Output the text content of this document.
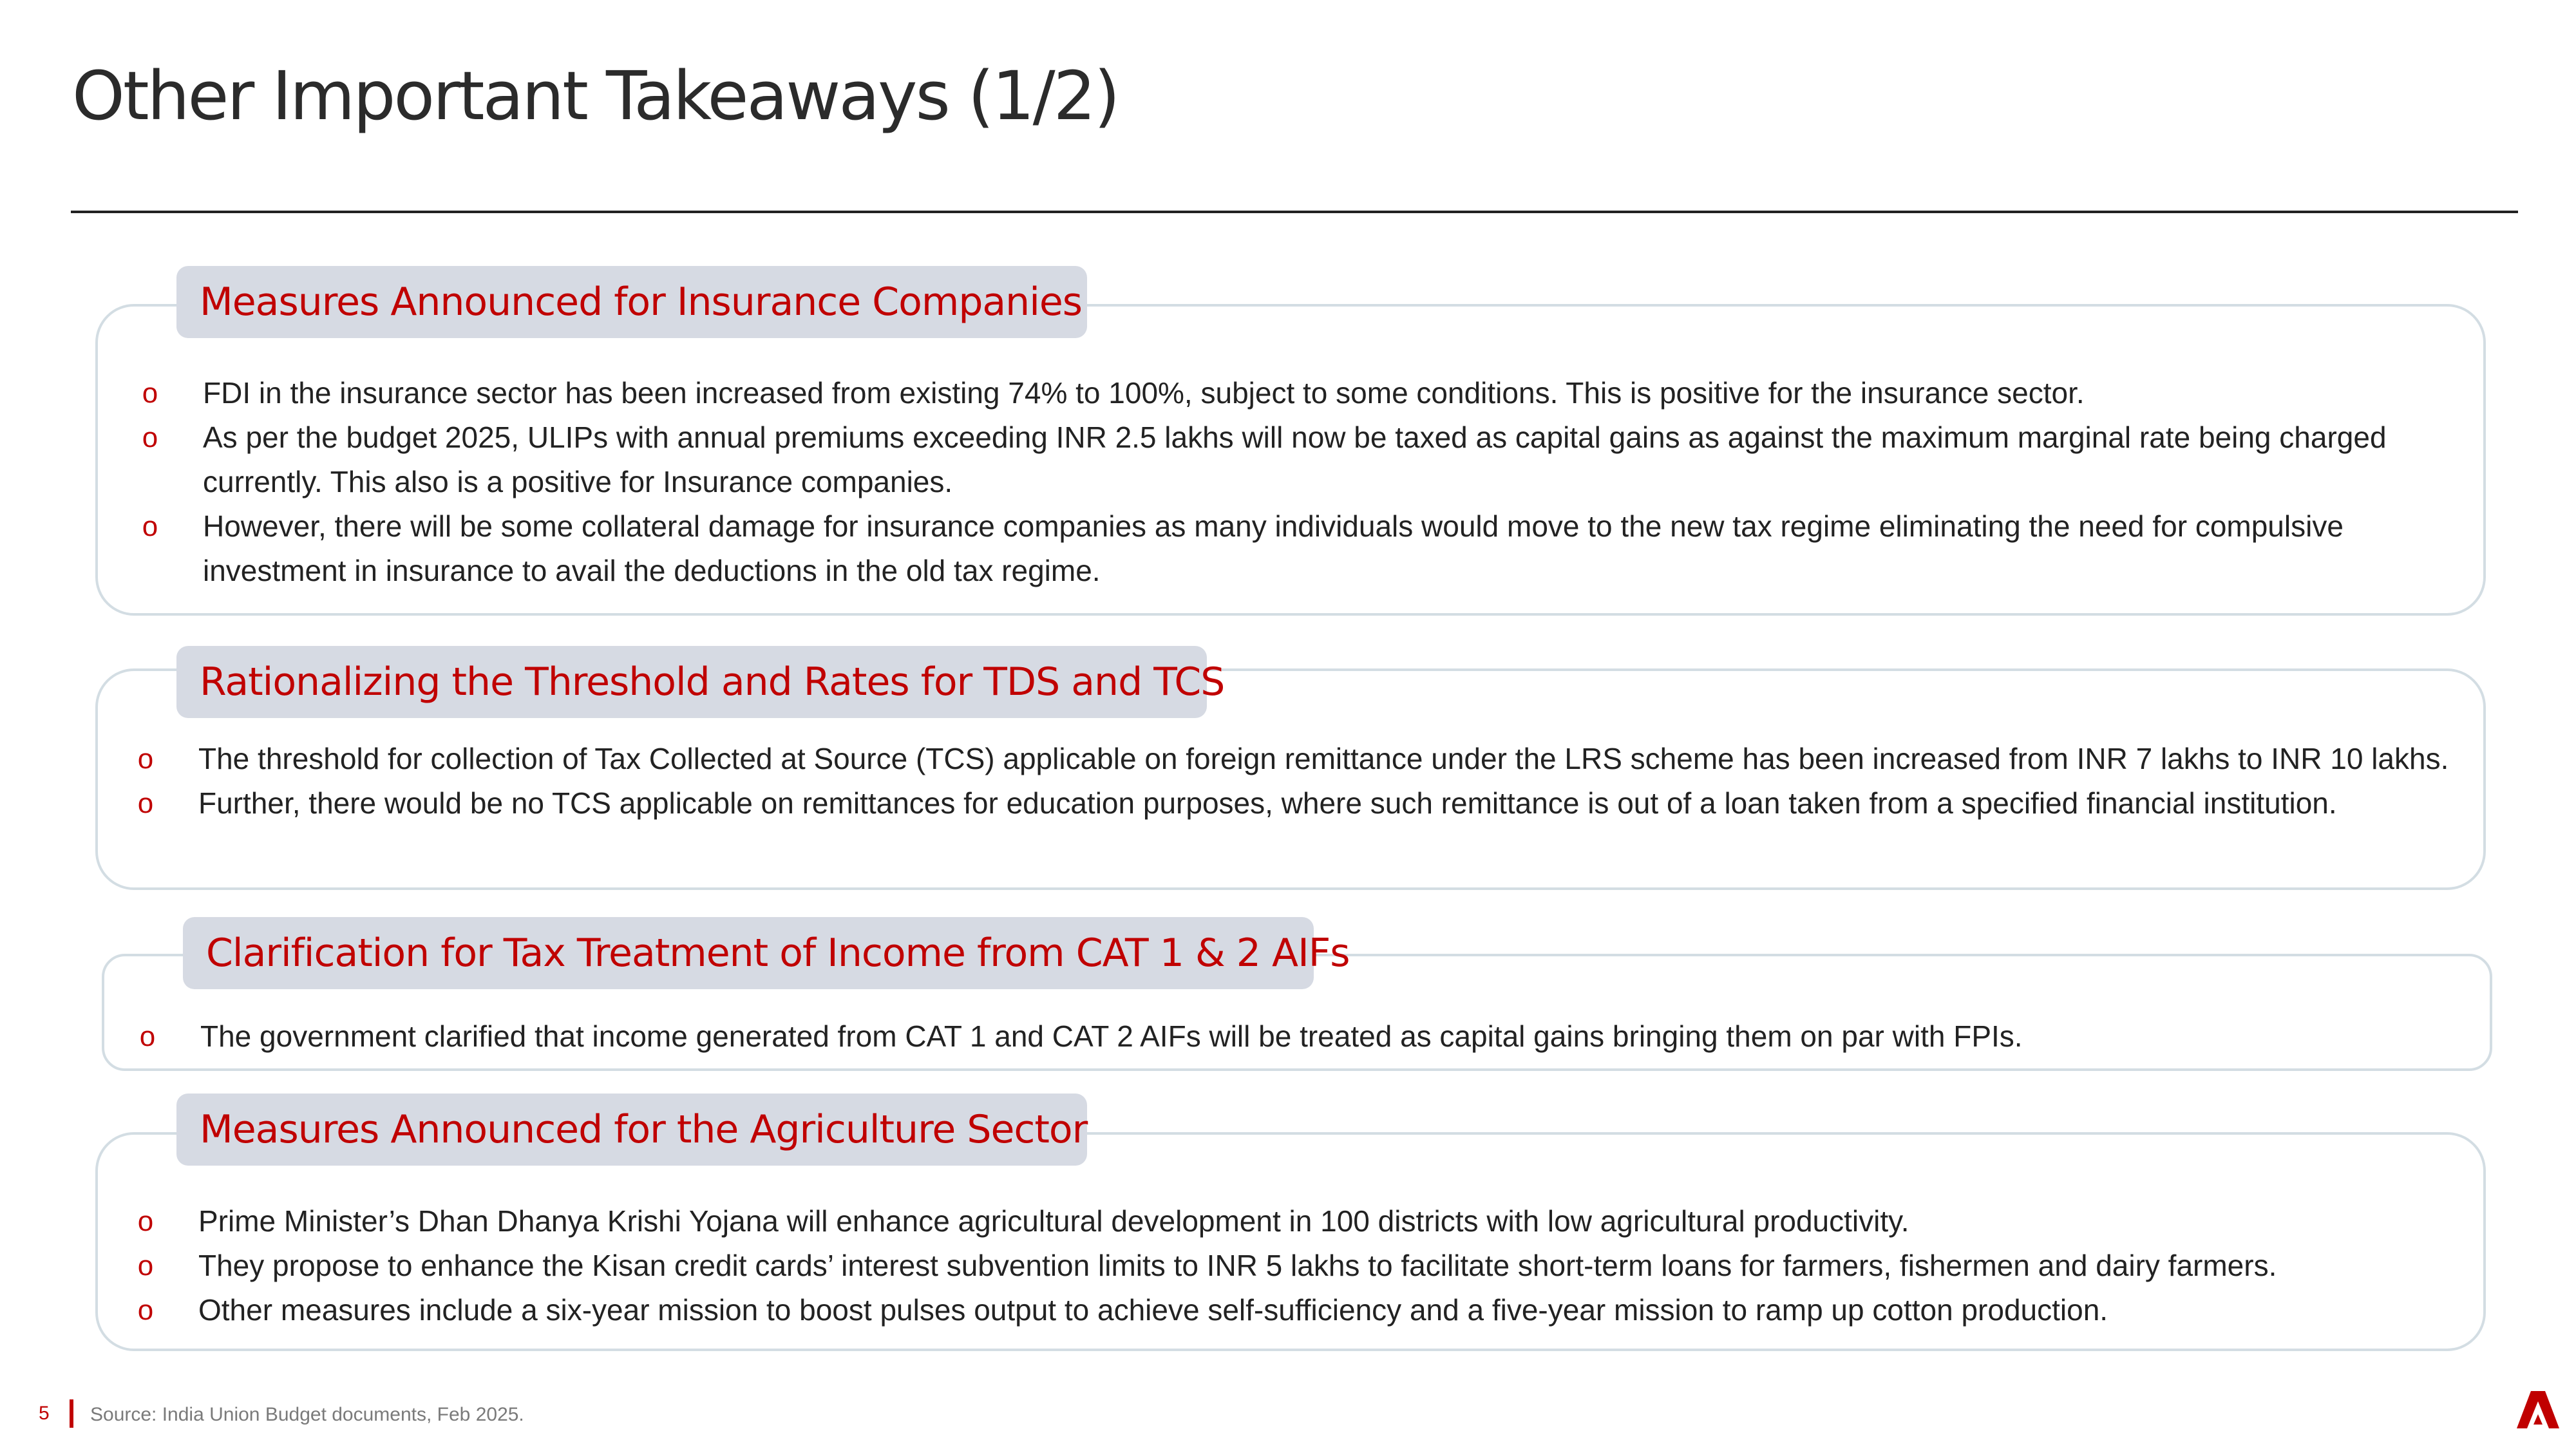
Other Important Takeaways (1/2)
Measures Announced for Insurance Companies
o	FDI in the insurance sector has been increased from existing 74% to 100%, subject to some conditions. This is positive for the insurance sector.
o	As per the budget 2025, ULIPs with annual premiums exceeding INR 2.5 lakhs will now be taxed as capital gains as against the maximum marginal rate being charged currently. This also is a positive for Insurance companies.
o	However, there will be some collateral damage for insurance companies as many individuals would move to the new tax regime eliminating the need for compulsive investment in insurance to avail the deductions in the old tax regime.
Rationalizing the Threshold and Rates for TDS and TCS
o	The threshold for collection of Tax Collected at Source (TCS) applicable on foreign remittance under the LRS scheme has been increased from INR 7 lakhs to INR 10 lakhs.
o	Further, there would be no TCS applicable on remittances for education purposes, where such remittance is out of a loan taken from a specified financial institution.
Clarification for Tax Treatment of Income from CAT 1 & 2 AIFs
o	The government clarified that income generated from CAT 1 and CAT 2 AIFs will be treated as capital gains bringing them on par with FPIs.
Measures Announced for the Agriculture Sector
o	Prime Minister’s Dhan Dhanya Krishi Yojana will enhance agricultural development in 100 districts with low agricultural productivity.
o	They propose to enhance the Kisan credit cards’ interest subvention limits to INR 5 lakhs to facilitate short-term loans for farmers, fishermen and dairy farmers.
o	Other measures include a six-year mission to boost pulses output to achieve self-sufficiency and a five-year mission to ramp up cotton production.
5 Source: India Union Budget documents, Feb 2025.
